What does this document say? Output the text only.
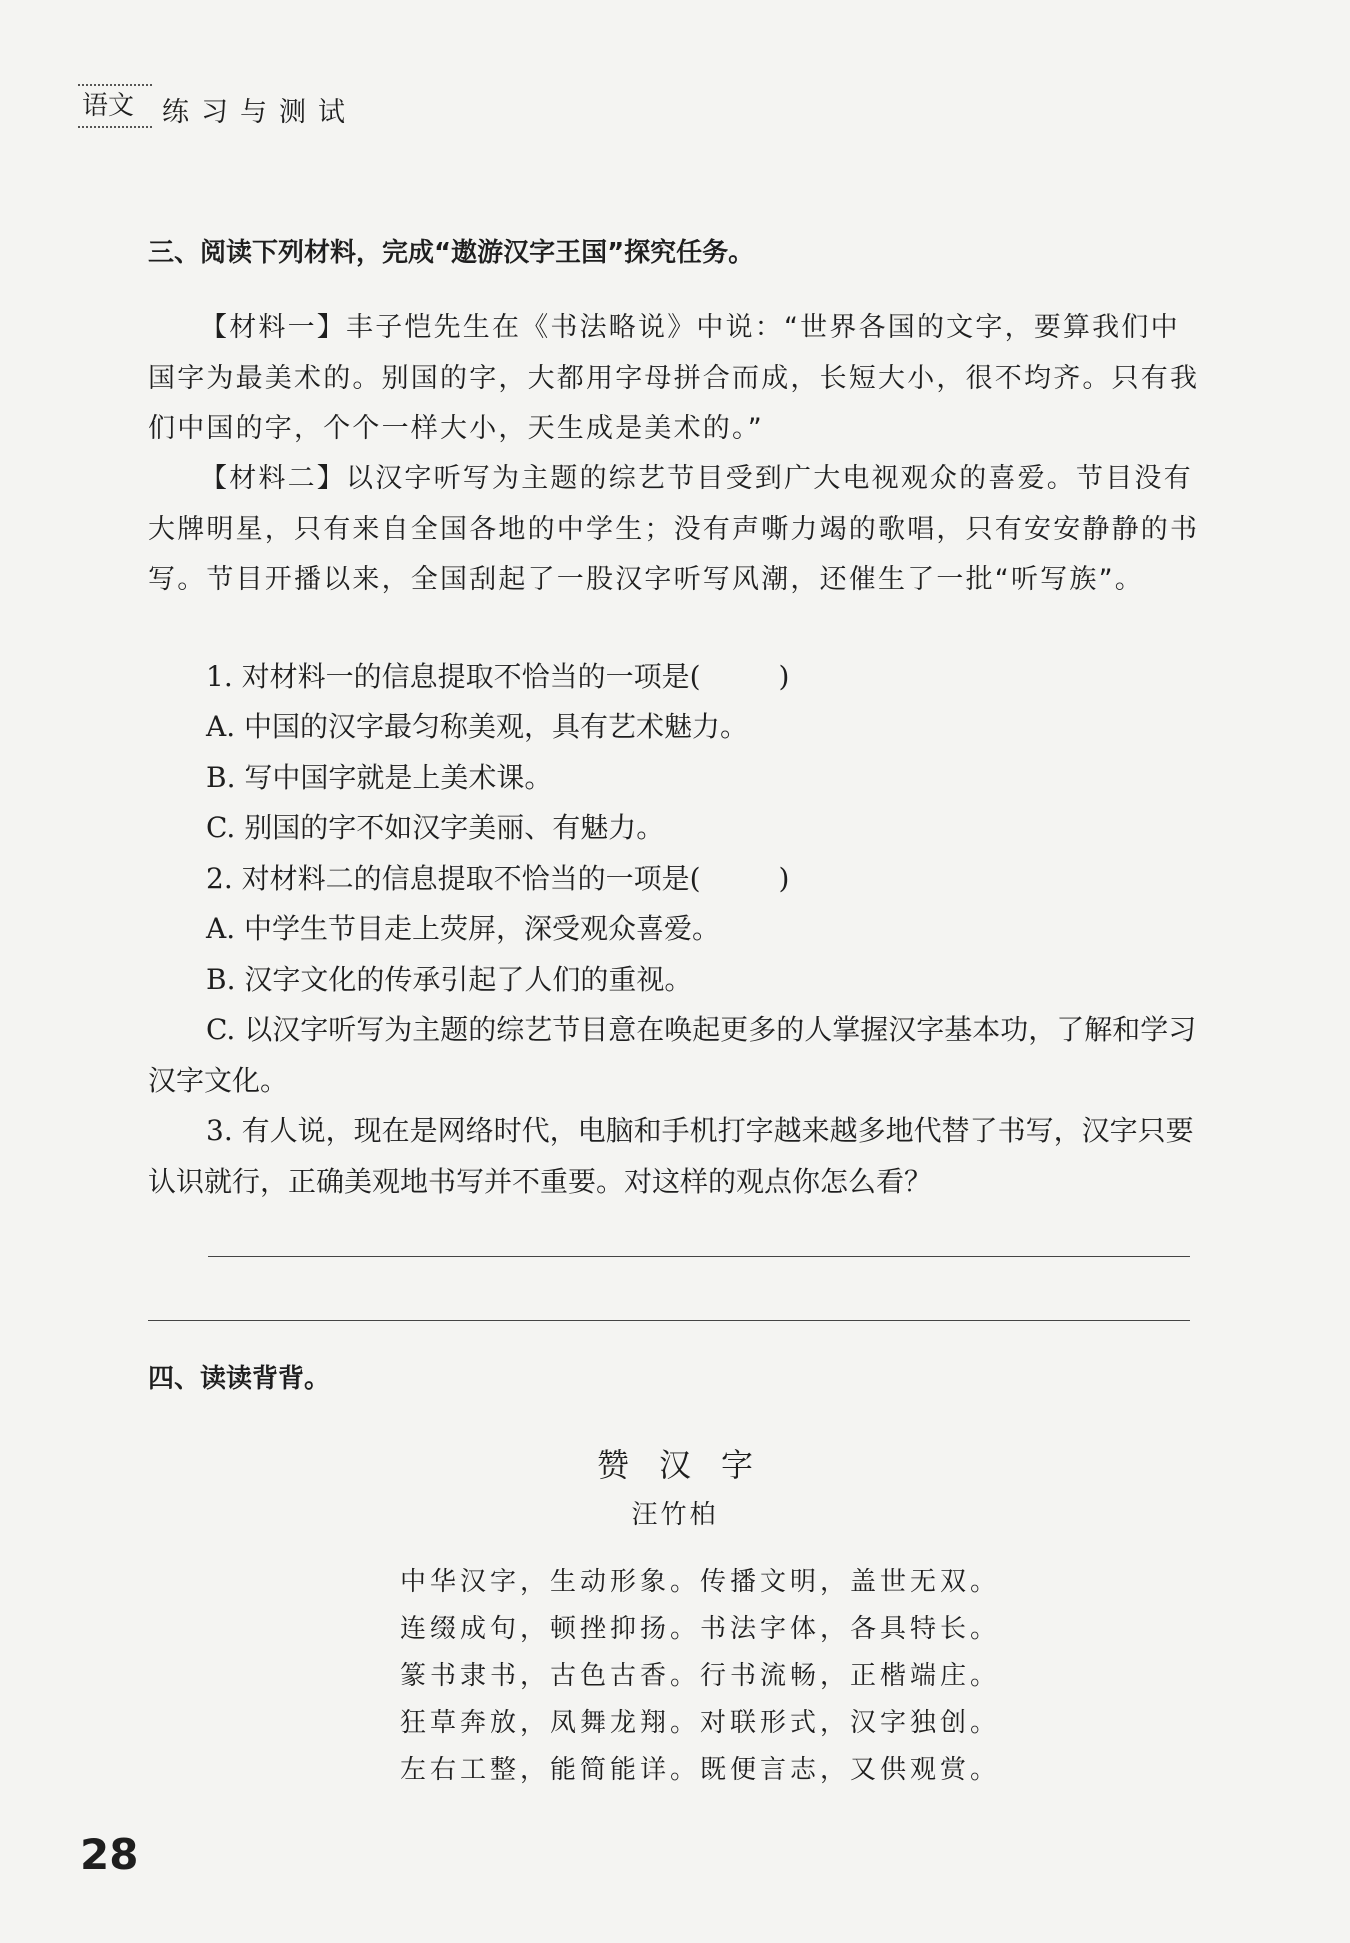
语文	练习与测试
三、阅读下列材料，完成“遨游汉字王国”探究任务。

【材料一】丰子恺先生在《书法略说》中说：“世界各国的文字，要算我们中国字为最美术的。别国的字，大都用字母拼合而成，长短大小，很不均齐。只有我们中国的字，个个一样大小，天生成是美术的。”

【材料二】以汉字听写为主题的综艺节目受到广大电视观众的喜爱。节目没有大牌明星，只有来自全国各地的中学生；没有声嘶力竭的歌唱，只有安安静静的书写。节目开播以来，全国刮起了一股汉字听写风潮，还催生了一批“听写族”。

1. 对材料一的信息提取不恰当的一项是(	)

A. 中国的汉字最匀称美观，具有艺术魅力。

B. 写中国字就是上美术课。

C. 别国的字不如汉字美丽、有魅力。

2. 对材料二的信息提取不恰当的一项是(	)

A. 中学生节目走上荧屏，深受观众喜爱。

B. 汉字文化的传承引起了人们的重视。

C. 以汉字听写为主题的综艺节目意在唤起更多的人掌握汉字基本功，了解和学习汉字文化。

3. 有人说，现在是网络时代，电脑和手机打字越来越多地代替了书写，汉字只要认识就行，正确美观地书写并不重要。对这样的观点你怎么看？

四、读读背背。
赞汉字
汪竹柏
中华汉字，生动形象。传播文明，盖世无双。
连缀成句，顿挫抑扬。书法字体，各具特长。
篆书隶书，古色古香。行书流畅，正楷端庄。
狂草奔放，凤舞龙翔。对联形式，汉字独创。
左右工整，能简能详。既便言志，又供观赏。
28
